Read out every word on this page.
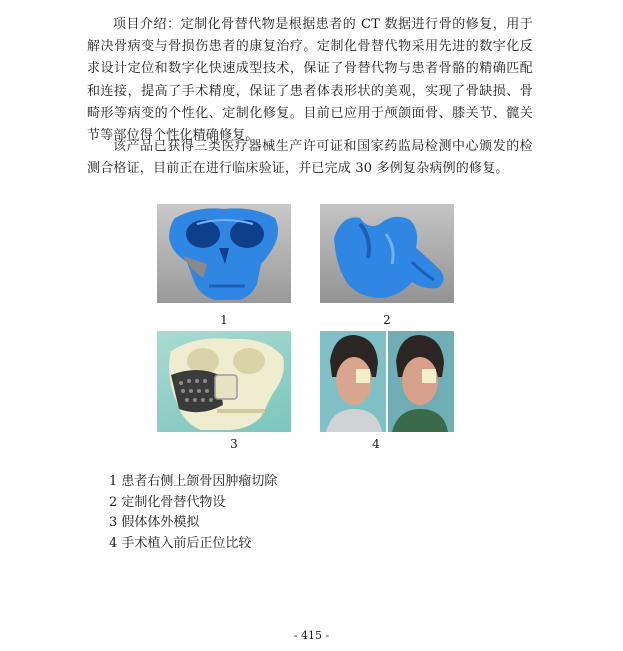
项目介绍：定制化骨替代物是根据患者的 CT 数据进行骨的修复，用于解决骨病变与骨损伤患者的康复治疗。定制化骨替代物采用先进的数字化反求设计定位和数字化快速成型技术，保证了骨替代物与患者骨骼的精确匹配和连接，提高了手术精度，保证了患者体表形状的美观，实现了骨缺损、骨畸形等病变的个性化、定制化修复。目前已应用于颅颌面骨、膝关节、髋关节等部位得个性化精确修复。

该产品已获得三类医疗器械生产许可证和国家药监局检测中心颁发的检测合格证，目前正在进行临床验证，并已完成 30 多例复杂病例的修复。

1	2
3	4
1 患者右侧上颌骨因肿瘤切除
2 定制化骨替代物设
3 假体体外模拟
4 手术植入前后正位比较
- 415 -
